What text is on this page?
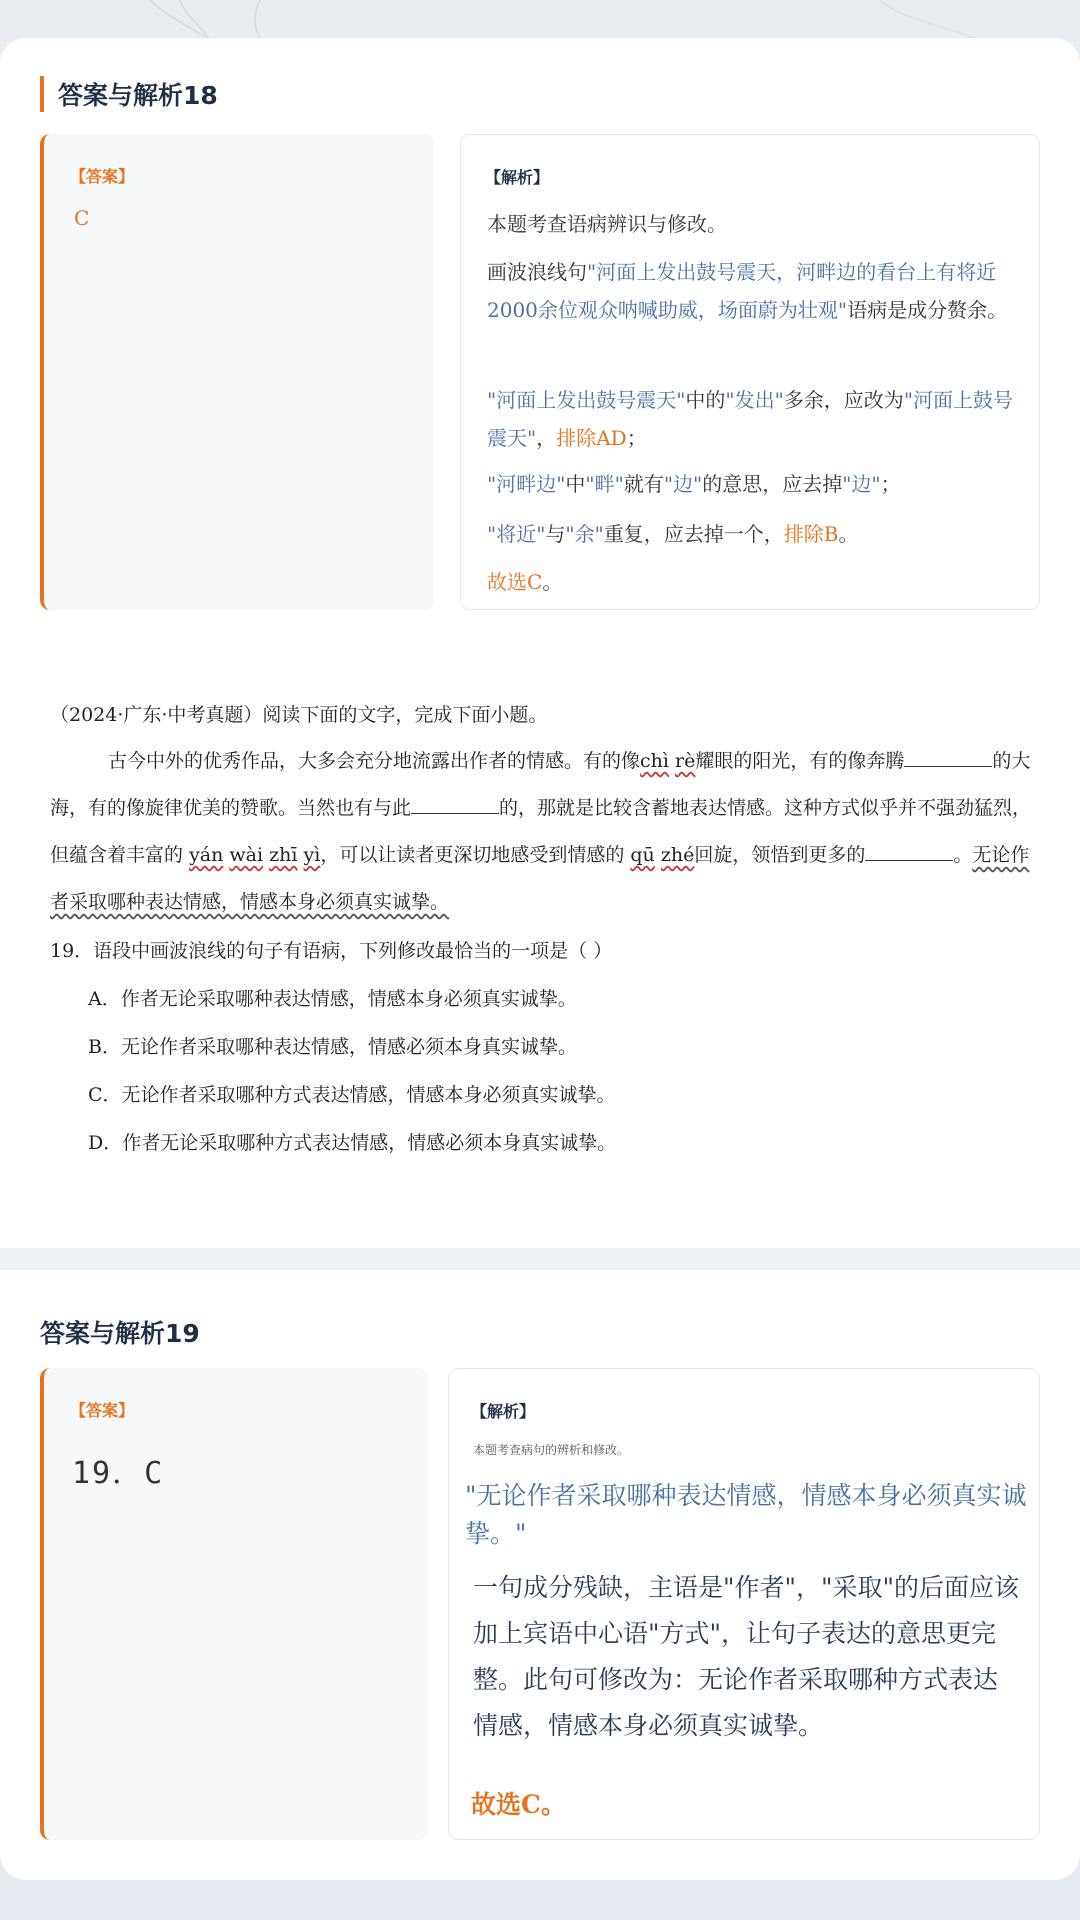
答案与解析18
【答案】
C
【解析】
本题考查语病辨识与修改。
画波浪线句"河面上发出鼓号震天，河畔边的看台上有将近2000余位观众呐喊助威，场面蔚为壮观"语病是成分赘余。
"河面上发出鼓号震天"中的"发出"多余，应改为"河面上鼓号震天"，排除AD；
"河畔边"中"畔"就有"边"的意思，应去掉"边"；
"将近"与"余"重复，应去掉一个，排除B。
故选C。
（2024·广东·中考真题）阅读下面的文字，完成下面小题。
古今中外的优秀作品，大多会充分地流露出作者的情感。有的像chì rè耀眼的阳光，有的像奔腾	的大海，有的像旋律优美的赞歌。当然也有与此	的，那就是比较含蓄地表达情感。这种方式似乎并不强劲猛烈，但蕴含着丰富的 yán wài zhī yì，可以让读者更深切地感受到情感的 qū zhé回旋，领悟到更多的	。无论作者采取哪种表达情感，情感本身必须真实诚挚。
19．语段中画波浪线的句子有语病，下列修改最恰当的一项是（ ）
A．作者无论采取哪种表达情感，情感本身必须真实诚挚。
B．无论作者采取哪种表达情感，情感必须本身真实诚挚。
C．无论作者采取哪种方式表达情感，情感本身必须真实诚挚。
D．作者无论采取哪种方式表达情感，情感必须本身真实诚挚。
答案与解析19
【答案】
19．C
【解析】
本题考查病句的辨析和修改。
"无论作者采取哪种表达情感，情感本身必须真实诚挚。"
一句成分残缺，主语是"作者"，"采取"的后面应该加上宾语中心语"方式"，让句子表达的意思更完整。此句可修改为：无论作者采取哪种方式表达情感，情感本身必须真实诚挚。
故选C。
